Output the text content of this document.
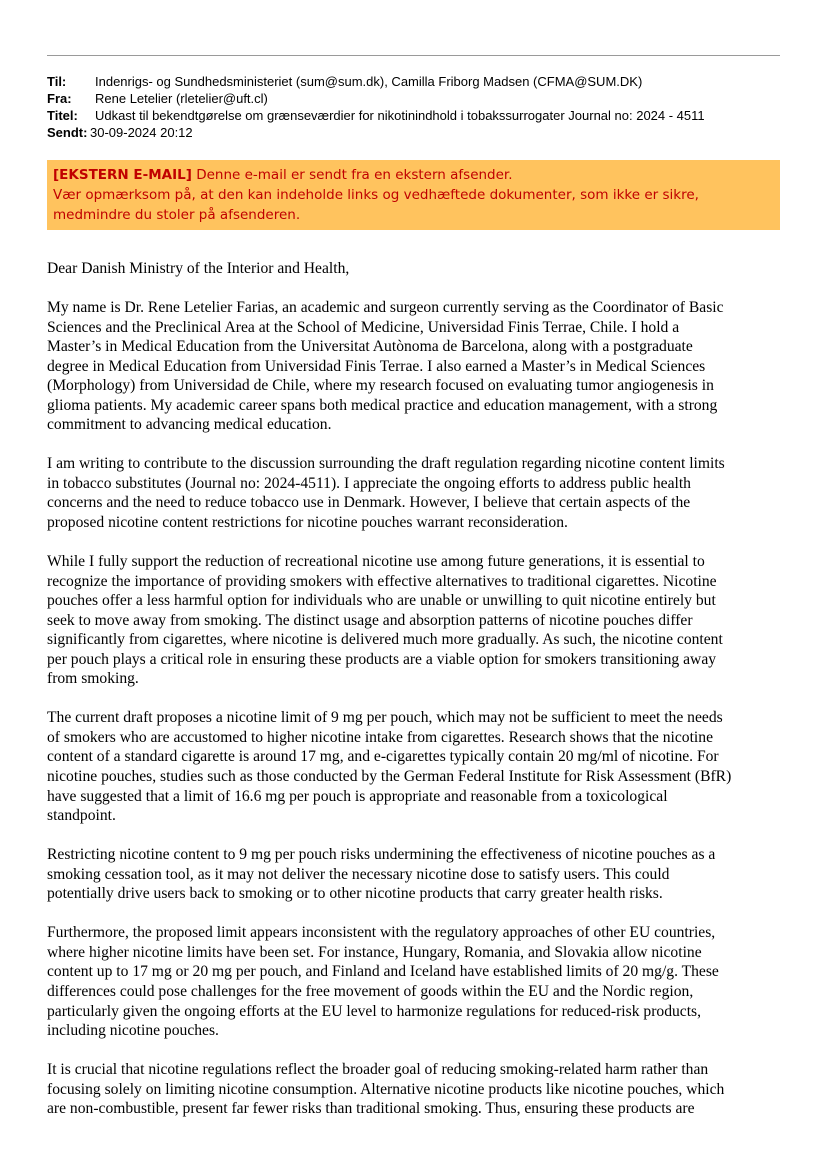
Til:	Indenrigs- og Sundhedsministeriet (sum@sum.dk), Camilla Friborg Madsen (CFMA@SUM.DK)
Fra:	Rene Letelier (rletelier@uft.cl)
Titel:	Udkast til bekendtgørelse om grænseværdier for nikotinindhold i tobakssurrogater Journal no: 2024 - 4511
Sendt: 30-09-2024 20:12

[EKSTERN E-MAIL] Denne e-mail er sendt fra en ekstern afsender.

Vær opmærksom på, at den kan indeholde links og vedhæftede dokumenter, som ikke er sikre,

medmindre du stoler på afsenderen.

Dear Danish Ministry of the Interior and Health,

My name is Dr. Rene Letelier Farias, an academic and surgeon currently serving as the Coordinator of Basic
Sciences and the Preclinical Area at the School of Medicine, Universidad Finis Terrae, Chile. I hold a
Master’s in Medical Education from the Universitat Autònoma de Barcelona, along with a postgraduate
degree in Medical Education from Universidad Finis Terrae. I also earned a Master’s in Medical Sciences
(Morphology) from Universidad de Chile, where my research focused on evaluating tumor angiogenesis in
glioma patients. My academic career spans both medical practice and education management, with a strong
commitment to advancing medical education.

I am writing to contribute to the discussion surrounding the draft regulation regarding nicotine content limits
in tobacco substitutes (Journal no: 2024-4511). I appreciate the ongoing efforts to address public health
concerns and the need to reduce tobacco use in Denmark. However, I believe that certain aspects of the
proposed nicotine content restrictions for nicotine pouches warrant reconsideration.

While I fully support the reduction of recreational nicotine use among future generations, it is essential to
recognize the importance of providing smokers with effective alternatives to traditional cigarettes. Nicotine
pouches offer a less harmful option for individuals who are unable or unwilling to quit nicotine entirely but
seek to move away from smoking. The distinct usage and absorption patterns of nicotine pouches differ
significantly from cigarettes, where nicotine is delivered much more gradually. As such, the nicotine content
per pouch plays a critical role in ensuring these products are a viable option for smokers transitioning away
from smoking.

The current draft proposes a nicotine limit of 9 mg per pouch, which may not be sufficient to meet the needs
of smokers who are accustomed to higher nicotine intake from cigarettes. Research shows that the nicotine
content of a standard cigarette is around 17 mg, and e-cigarettes typically contain 20 mg/ml of nicotine. For
nicotine pouches, studies such as those conducted by the German Federal Institute for Risk Assessment (BfR)
have suggested that a limit of 16.6 mg per pouch is appropriate and reasonable from a toxicological
standpoint.

Restricting nicotine content to 9 mg per pouch risks undermining the effectiveness of nicotine pouches as a
smoking cessation tool, as it may not deliver the necessary nicotine dose to satisfy users. This could
potentially drive users back to smoking or to other nicotine products that carry greater health risks.

Furthermore, the proposed limit appears inconsistent with the regulatory approaches of other EU countries,
where higher nicotine limits have been set. For instance, Hungary, Romania, and Slovakia allow nicotine
content up to 17 mg or 20 mg per pouch, and Finland and Iceland have established limits of 20 mg/g. These
differences could pose challenges for the free movement of goods within the EU and the Nordic region,
particularly given the ongoing efforts at the EU level to harmonize regulations for reduced-risk products,
including nicotine pouches.

It is crucial that nicotine regulations reflect the broader goal of reducing smoking-related harm rather than
focusing solely on limiting nicotine consumption. Alternative nicotine products like nicotine pouches, which
are non-combustible, present far fewer risks than traditional smoking. Thus, ensuring these products are
